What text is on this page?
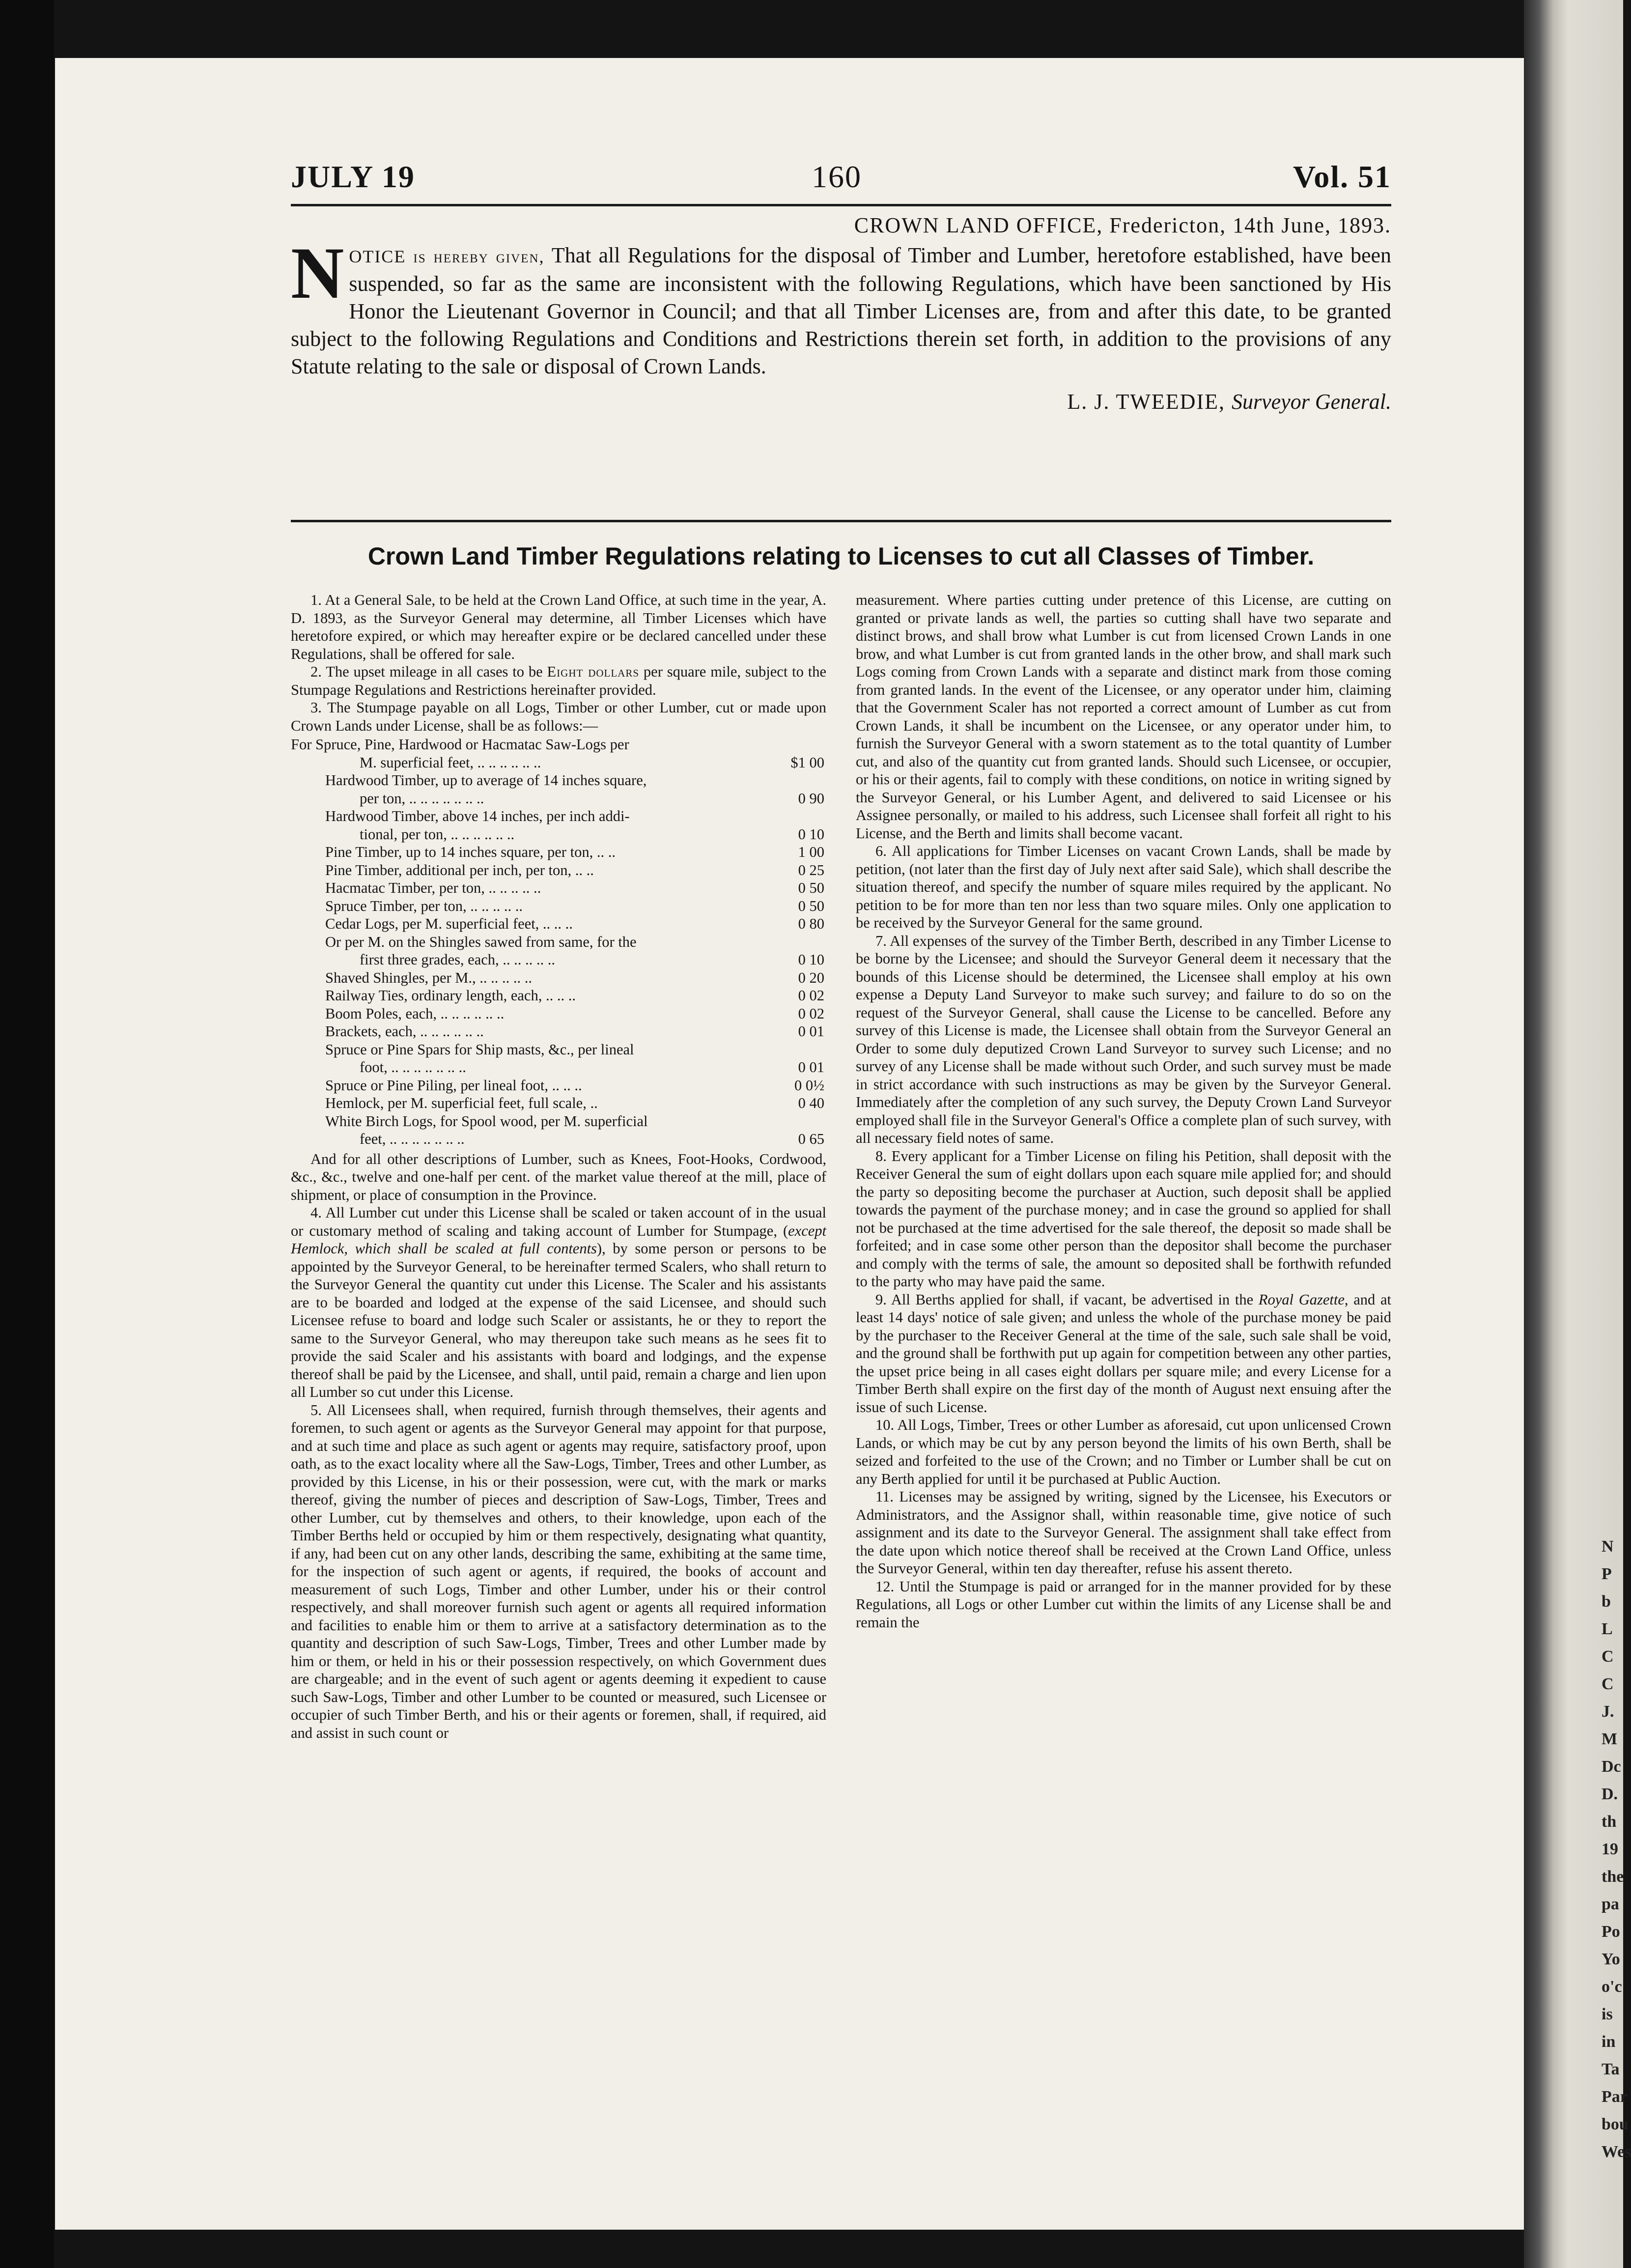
N
P
b
L
C
C
J.
M
Dc
D.
th
19
the
pa
Po
Yo
o'c
is
in
Ta
Par
bou
Wes
JULY 19	160	Vol. 51

CROWN LAND OFFICE, Fredericton, 14th June, 1893.

NOTICE is hereby given, That all Regulations for the disposal of Timber and Lumber, heretofore established, have been suspended, so far as the same are inconsistent with the following Regulations, which have been sanctioned by His Honor the Lieutenant Governor in Council; and that all Timber Licenses are, from and after this date, to be granted subject to the following Regulations and Conditions and Restrictions therein set forth, in addition to the provisions of any Statute relating to the sale or disposal of Crown Lands.

L. J. TWEEDIE, Surveyor General.

Crown Land Timber Regulations relating to Licenses to cut all Classes of Timber.

1. At a General Sale, to be held at the Crown Land Office, at such time in the year, A. D. 1893, as the Surveyor General may determine, all Timber Licenses which have heretofore expired, or which may hereafter expire or be declared cancelled under these Regulations, shall be offered for sale.

2. The upset mileage in all cases to be Eight dollars per square mile, subject to the Stumpage Regulations and Restrictions hereinafter provided.

3. The Stumpage payable on all Logs, Timber or other Lumber, cut or made upon Crown Lands under License, shall be as follows:—

For Spruce, Pine, Hardwood or Hacmatac Saw-Logs per
M. superficial feet, .. .. .. .. .. ..	$1 00
Hardwood Timber, up to average of 14 inches square,
per ton, .. .. .. .. .. .. ..	0 90
Hardwood Timber, above 14 inches, per inch addi-
tional, per ton, .. .. .. .. .. ..	0 10
Pine Timber, up to 14 inches square, per ton, .. ..	1 00
Pine Timber, additional per inch, per ton, .. ..	0 25
Hacmatac Timber, per ton, .. .. .. .. ..	0 50
Spruce Timber, per ton, .. .. .. .. ..	0 50
Cedar Logs, per M. superficial feet, .. .. ..	0 80
Or per M. on the Shingles sawed from same, for the
first three grades, each, .. .. .. .. ..	0 10
Shaved Shingles, per M., .. .. .. .. ..	0 20
Railway Ties, ordinary length, each, .. .. ..	0 02
Boom Poles, each, .. .. .. .. .. ..	0 02
Brackets, each, .. .. .. .. .. ..	0 01
Spruce or Pine Spars for Ship masts, &c., per lineal
foot, .. .. .. .. .. .. ..	0 01
Spruce or Pine Piling, per lineal foot, .. .. ..	0 0½
Hemlock, per M. superficial feet, full scale, ..	0 40
White Birch Logs, for Spool wood, per M. superficial
feet, .. .. .. .. .. .. ..	0 65

And for all other descriptions of Lumber, such as Knees, Foot-Hooks, Cordwood, &c., &c., twelve and one-half per cent. of the market value thereof at the mill, place of shipment, or place of consumption in the Province.

4. All Lumber cut under this License shall be scaled or taken account of in the usual or customary method of scaling and taking account of Lumber for Stumpage, (except Hemlock, which shall be scaled at full contents), by some person or persons to be appointed by the Surveyor General, to be hereinafter termed Scalers, who shall return to the Surveyor General the quantity cut under this License. The Scaler and his assistants are to be boarded and lodged at the expense of the said Licensee, and should such Licensee refuse to board and lodge such Scaler or assistants, he or they to report the same to the Surveyor General, who may thereupon take such means as he sees fit to provide the said Scaler and his assistants with board and lodgings, and the expense thereof shall be paid by the Licensee, and shall, until paid, remain a charge and lien upon all Lumber so cut under this License.

5. All Licensees shall, when required, furnish through themselves, their agents and foremen, to such agent or agents as the Surveyor General may appoint for that purpose, and at such time and place as such agent or agents may require, satisfactory proof, upon oath, as to the exact locality where all the Saw-Logs, Timber, Trees and other Lumber, as provided by this License, in his or their possession, were cut, with the mark or marks thereof, giving the number of pieces and description of Saw-Logs, Timber, Trees and other Lumber, cut by themselves and others, to their knowledge, upon each of the Timber Berths held or occupied by him or them respectively, designating what quantity, if any, had been cut on any other lands, describing the same, exhibiting at the same time, for the inspection of such agent or agents, if required, the books of account and measurement of such Logs, Timber and other Lumber, under his or their control respectively, and shall moreover furnish such agent or agents all required information and facilities to enable him or them to arrive at a satisfactory determination as to the quantity and description of such Saw-Logs, Timber, Trees and other Lumber made by him or them, or held in his or their possession respectively, on which Government dues are chargeable; and in the event of such agent or agents deeming it expedient to cause such Saw-Logs, Timber and other Lumber to be counted or measured, such Licensee or occupier of such Timber Berth, and his or their agents or foremen, shall, if required, aid and assist in such count or

measurement. Where parties cutting under pretence of this License, are cutting on granted or private lands as well, the parties so cutting shall have two separate and distinct brows, and shall brow what Lumber is cut from licensed Crown Lands in one brow, and what Lumber is cut from granted lands in the other brow, and shall mark such Logs coming from Crown Lands with a separate and distinct mark from those coming from granted lands. In the event of the Licensee, or any operator under him, claiming that the Government Scaler has not reported a correct amount of Lumber as cut from Crown Lands, it shall be incumbent on the Licensee, or any operator under him, to furnish the Surveyor General with a sworn statement as to the total quantity of Lumber cut, and also of the quantity cut from granted lands. Should such Licensee, or occupier, or his or their agents, fail to comply with these conditions, on notice in writing signed by the Surveyor General, or his Lumber Agent, and delivered to said Licensee or his Assignee personally, or mailed to his address, such Licensee shall forfeit all right to his License, and the Berth and limits shall become vacant.

6. All applications for Timber Licenses on vacant Crown Lands, shall be made by petition, (not later than the first day of July next after said Sale), which shall describe the situation thereof, and specify the number of square miles required by the applicant. No petition to be for more than ten nor less than two square miles. Only one application to be received by the Surveyor General for the same ground.

7. All expenses of the survey of the Timber Berth, described in any Timber License to be borne by the Licensee; and should the Surveyor General deem it necessary that the bounds of this License should be determined, the Licensee shall employ at his own expense a Deputy Land Surveyor to make such survey; and failure to do so on the request of the Surveyor General, shall cause the License to be cancelled. Before any survey of this License is made, the Licensee shall obtain from the Surveyor General an Order to some duly deputized Crown Land Surveyor to survey such License; and no survey of any License shall be made without such Order, and such survey must be made in strict accordance with such instructions as may be given by the Surveyor General. Immediately after the completion of any such survey, the Deputy Crown Land Surveyor employed shall file in the Surveyor General's Office a complete plan of such survey, with all necessary field notes of same.

8. Every applicant for a Timber License on filing his Petition, shall deposit with the Receiver General the sum of eight dollars upon each square mile applied for; and should the party so depositing become the purchaser at Auction, such deposit shall be applied towards the payment of the purchase money; and in case the ground so applied for shall not be purchased at the time advertised for the sale thereof, the deposit so made shall be forfeited; and in case some other person than the depositor shall become the purchaser and comply with the terms of sale, the amount so deposited shall be forthwith refunded to the party who may have paid the same.

9. All Berths applied for shall, if vacant, be advertised in the Royal Gazette, and at least 14 days' notice of sale given; and unless the whole of the purchase money be paid by the purchaser to the Receiver General at the time of the sale, such sale shall be void, and the ground shall be forthwith put up again for competition between any other parties, the upset price being in all cases eight dollars per square mile; and every License for a Timber Berth shall expire on the first day of the month of August next ensuing after the issue of such License.

10. All Logs, Timber, Trees or other Lumber as aforesaid, cut upon unlicensed Crown Lands, or which may be cut by any person beyond the limits of his own Berth, shall be seized and forfeited to the use of the Crown; and no Timber or Lumber shall be cut on any Berth applied for until it be purchased at Public Auction.

11. Licenses may be assigned by writing, signed by the Licensee, his Executors or Administrators, and the Assignor shall, within reasonable time, give notice of such assignment and its date to the Surveyor General. The assignment shall take effect from the date upon which notice thereof shall be received at the Crown Land Office, unless the Surveyor General, within ten day thereafter, refuse his assent thereto.

12. Until the Stumpage is paid or arranged for in the manner provided for by these Regulations, all Logs or other Lumber cut within the limits of any License shall be and remain the
